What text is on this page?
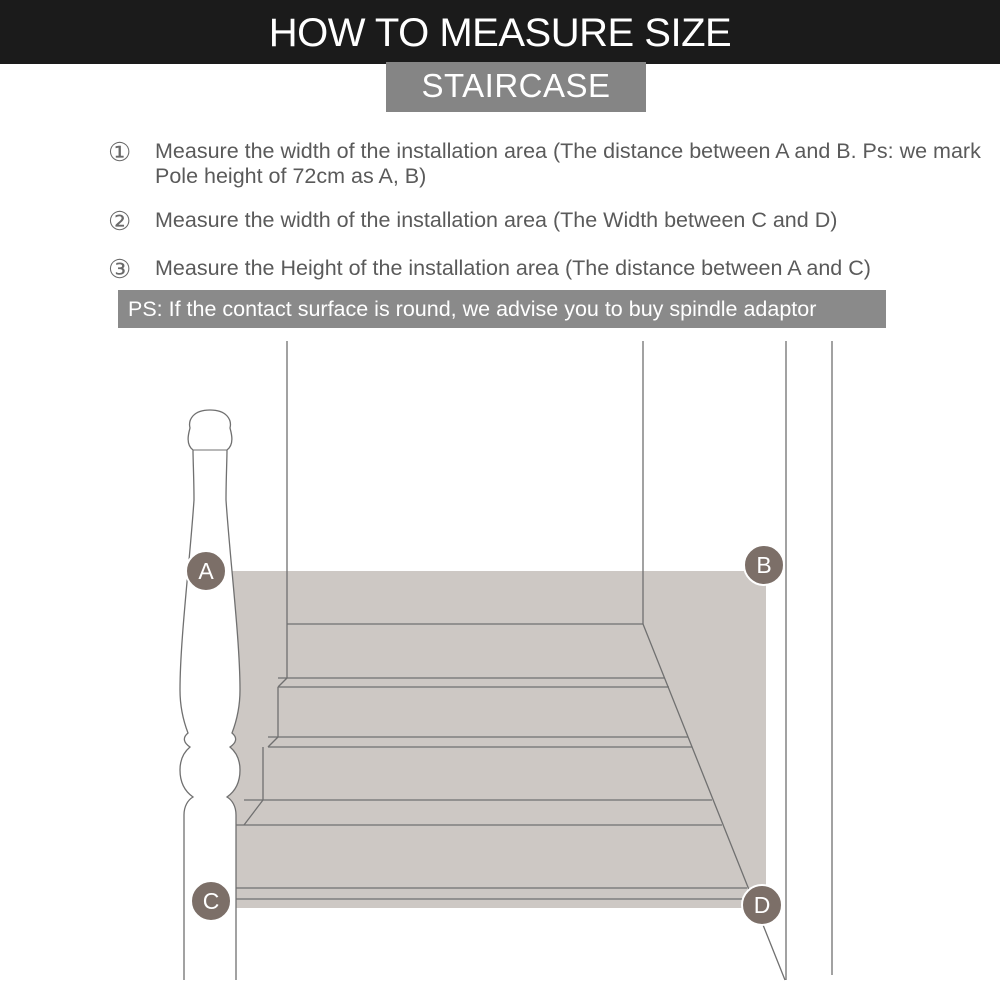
HOW TO MEASURE SIZE
STAIRCASE
① Measure the width of the installation area (The distance between A and B. Ps: we mark Pole height of 72cm as A, B)
② Measure the width of the installation area (The Width between C and D)
③ Measure the Height of the installation area (The distance between A and C)
PS: If the contact surface is round, we advise you to buy spindle adaptor
A	B
C	D
